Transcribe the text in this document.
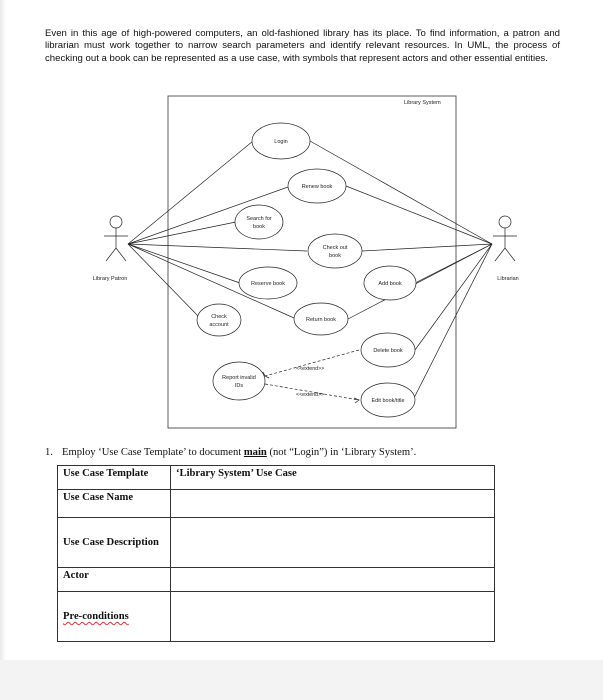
Even in this age of high-powered computers, an old-fashioned library has its place. To find information, a patron and librarian must work together to narrow search parameters and identify relevant resources. In UML, the process of checking out a book can be represented as a use case, with symbols that represent actors and other essential entities.

Library System
<<extend>>
<<extend>>
Login
Renew book
Search for
book
Check out
book
Reserve book	Add book
Check
account
Return book
Delete book
Report invalid
IDs
Edit book/title
Library Patron	Librarian
1. Employ ‘Use Case Template’ to document main (not “Login”) in ‘Library System’.
Use Case Template	‘Library System’ Use Case
Use Case Name	
Use Case Description	
Actor	
Pre-conditions	
